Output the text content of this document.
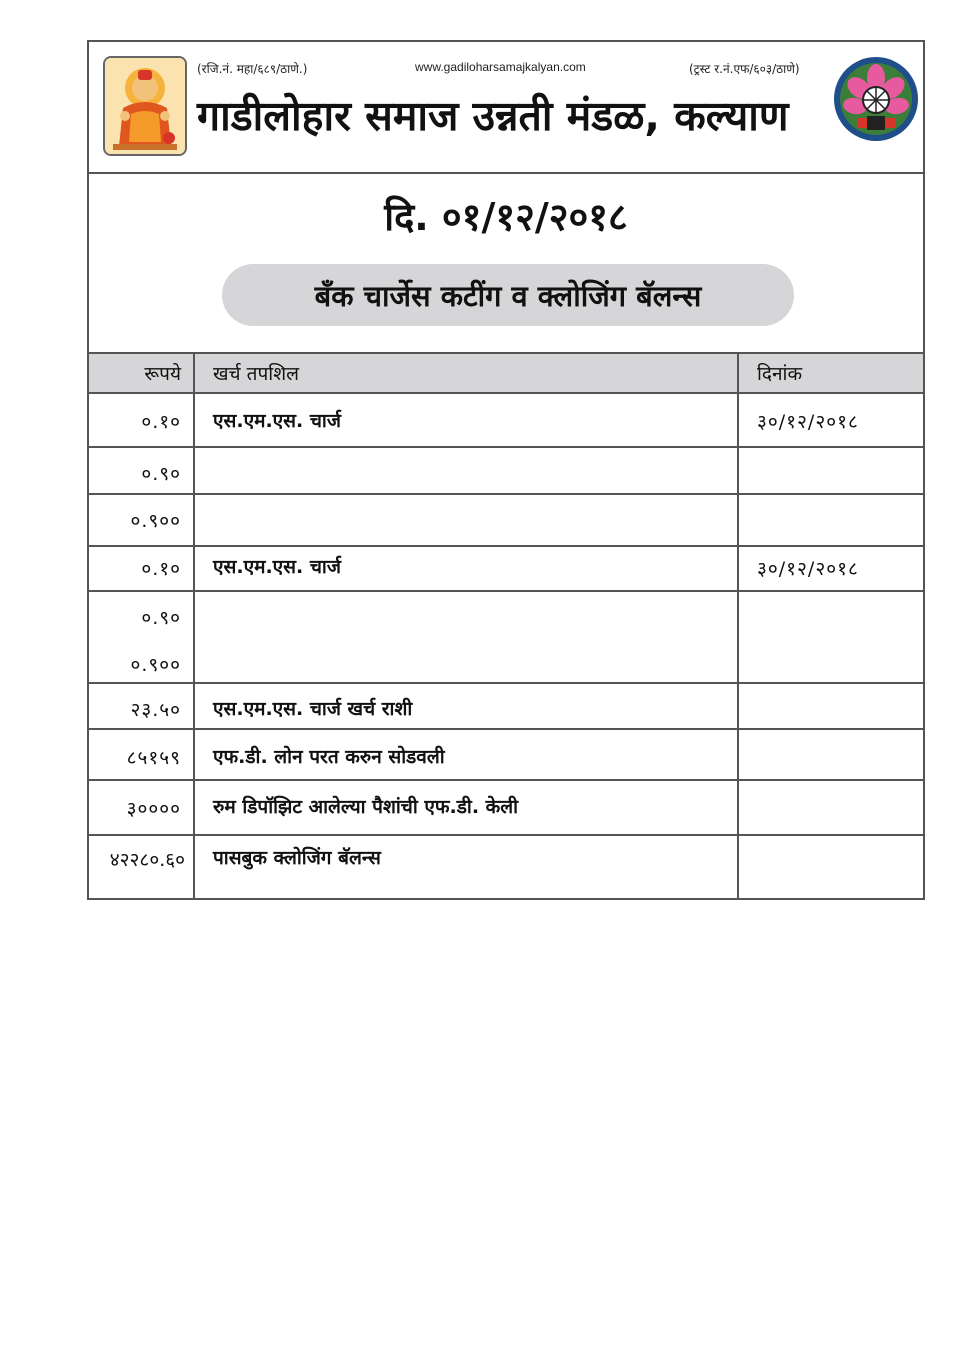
(रजि.नं. महा/६८९/ठाणे.)	www.gadiloharsamajkalyan.com	(ट्रस्ट र.नं.एफ/६०३/ठाणे)
गाडीलोहार समाज उन्नती मंडळ, कल्याण
दि. ०१/१२/२०१८
बँक चार्जेस कटींग व क्लोजिंग बॅलन्स
रूपये	खर्च तपशिल	दिनांक
०.१०	एस.एम.एस. चार्ज	३०/१२/२०१८
०.९०
०.९००
०.१०	एस.एम.एस. चार्ज	३०/१२/२०१८
०.९०
०.९००
२३.५०	एस.एम.एस. चार्ज खर्च राशी
८५१५९	एफ.डी. लोन परत करुन सोडवली
३००००	रुम डिपॉझिट आलेल्या पैशांची एफ.डी. केली
४२२८०.६०	पासबुक क्लोजिंग बॅलन्स
